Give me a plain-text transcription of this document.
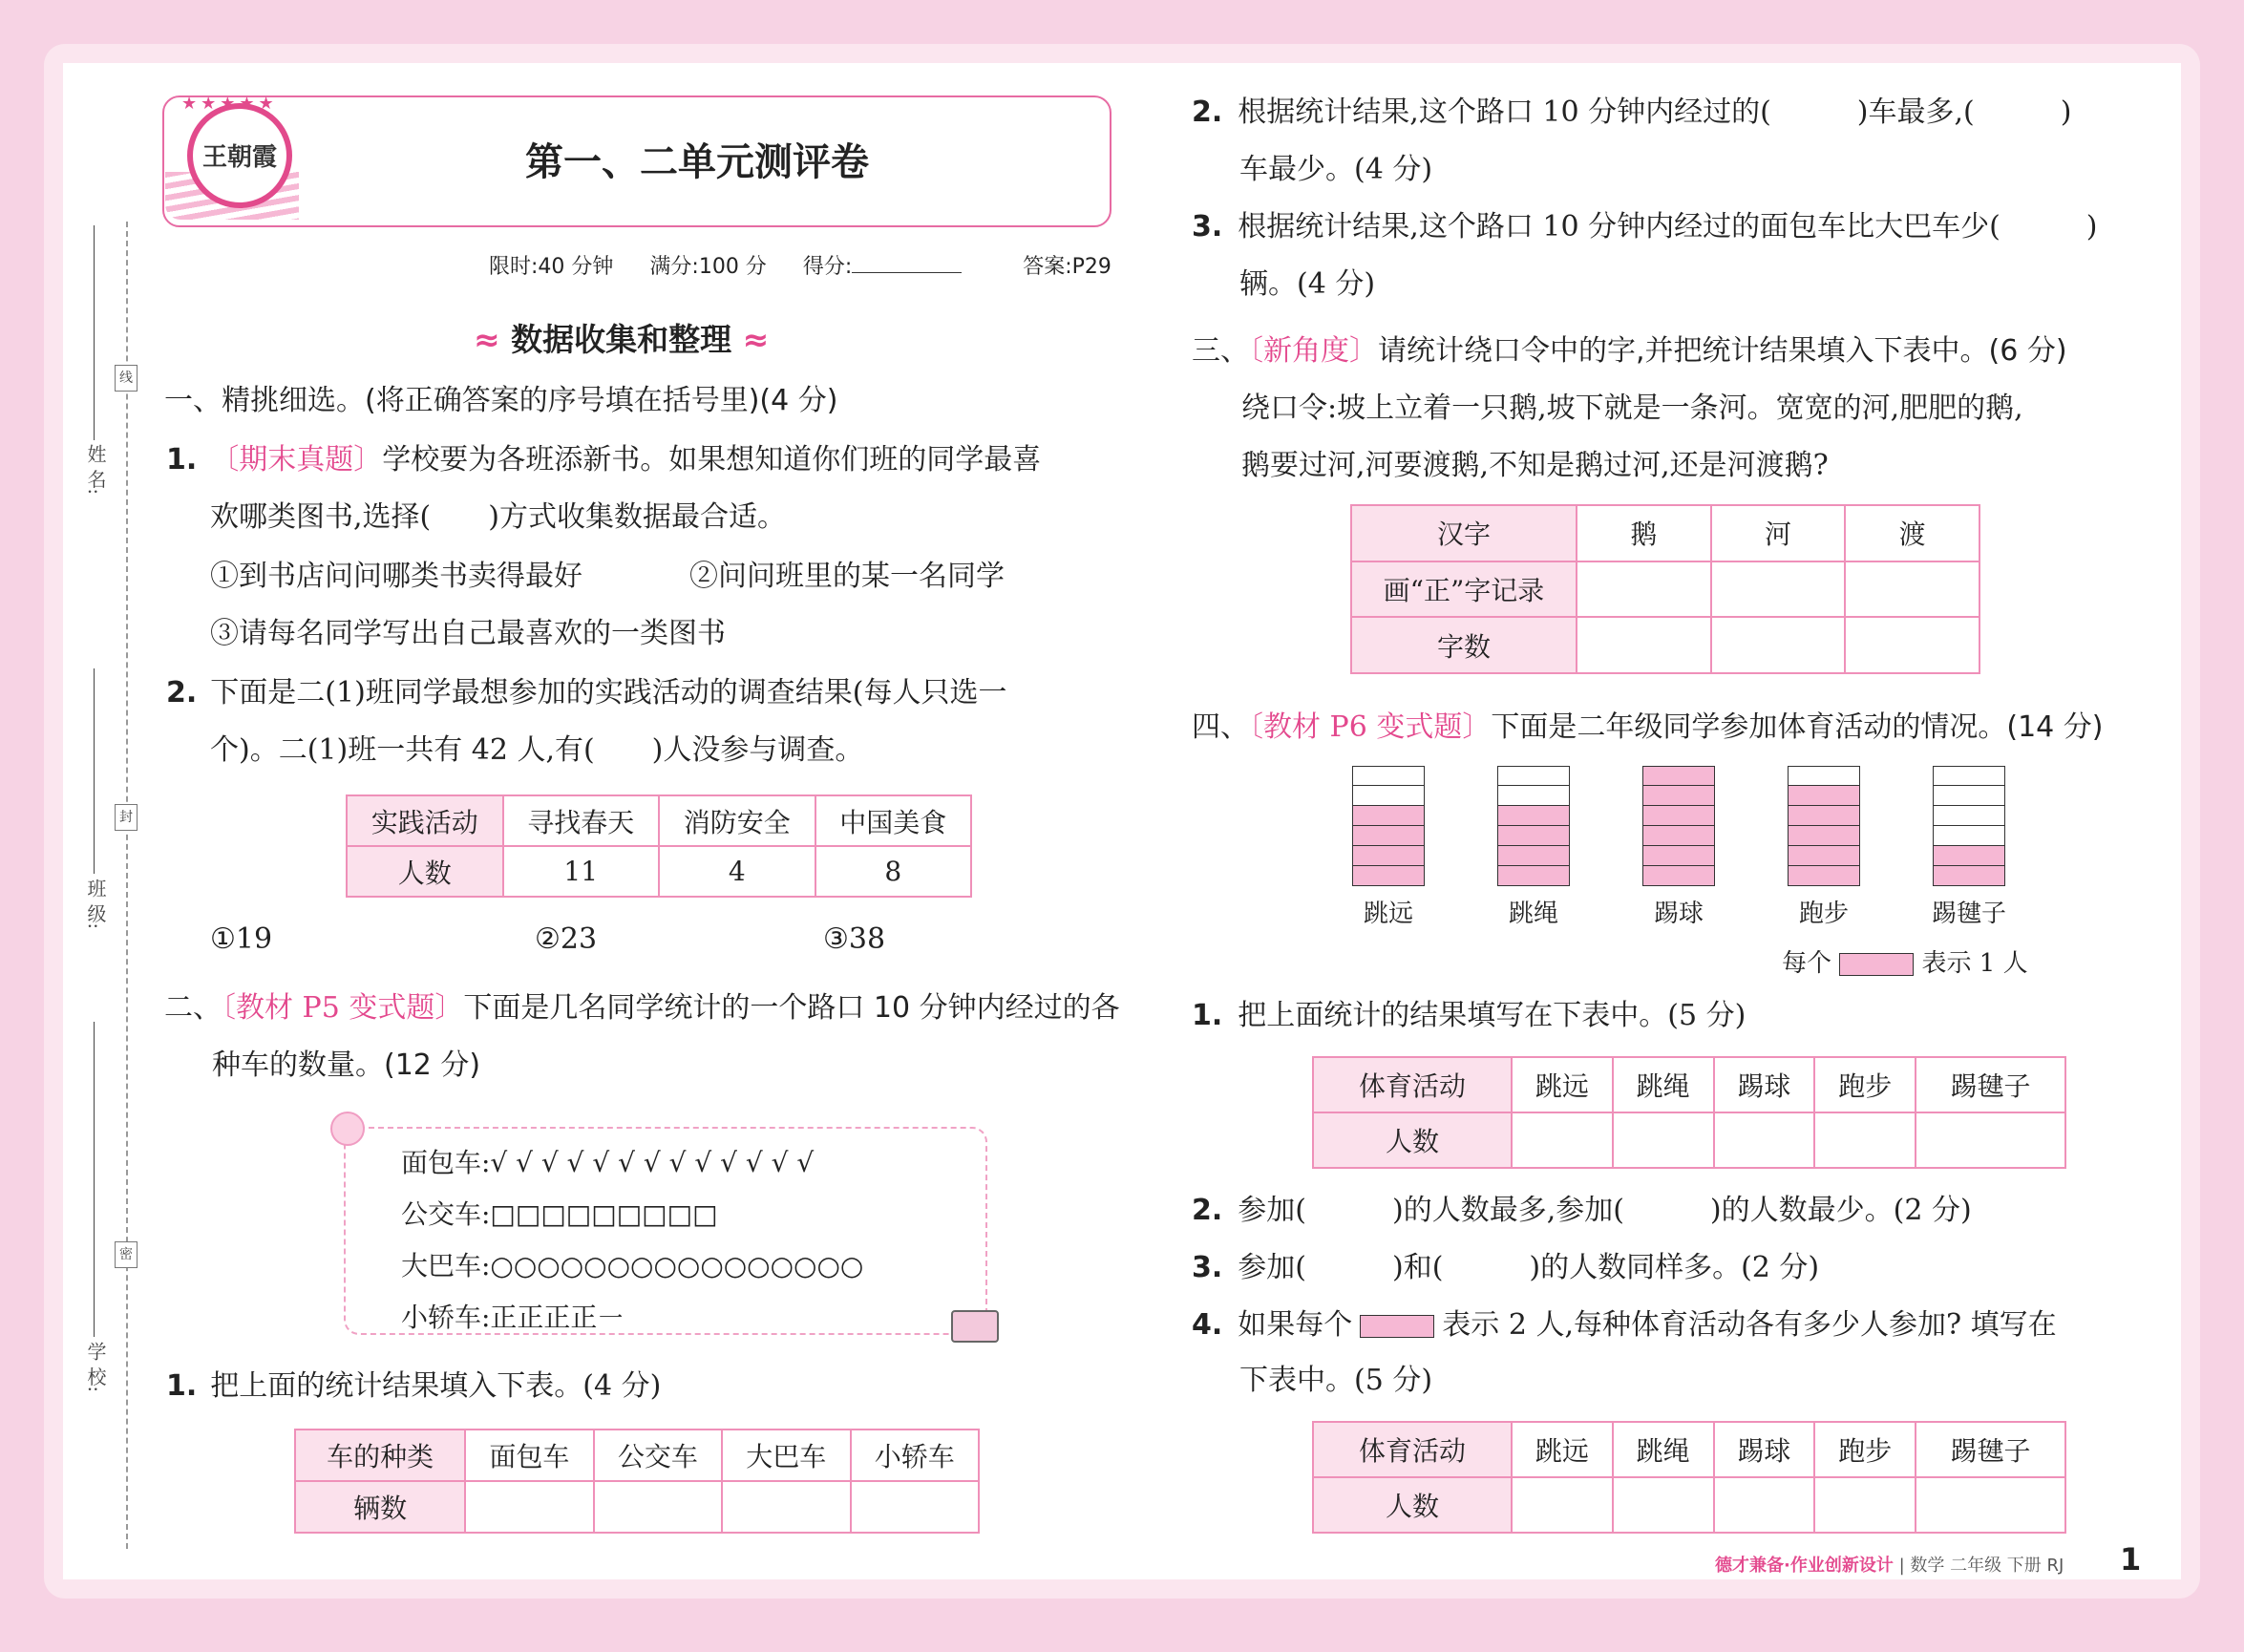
姓 名:
线
班 级:
封
学 校:
密
王朝霞
★★★★★
第一、二单元测评卷
限时:40 分钟 满分:100 分 得分:	答案:P29
≈ 数据收集和整理 ≈
一、精挑细选。(将正确答案的序号填在括号里)(4 分)
1. 〔期末真题〕学校要为各班添新书。如果想知道你们班的同学最喜
欢哪类图书,选择(　　)方式收集数据最合适。
①到书店问问哪类书卖得最好	②问问班里的某一名同学
③请每名同学写出自己最喜欢的一类图书
2. 下面是二(1)班同学最想参加的实践活动的调查结果(每人只选一
个)。二(1)班一共有 42 人,有(　　)人没参与调查。
实践活动	寻找春天	消防安全	中国美食
人数	11	4	8
①19	②23	③38
二、〔教材 P5 变式题〕下面是几名同学统计的一个路口 10 分钟内经过的各
种车的数量。(12 分)
面包车:√ √ √ √ √ √ √ √ √ √ √ √ √
公交车:□□□□□□□□□
大巴车:○○○○○○○○○○○○○○○○
小轿车:正正正正㇐
1. 把上面的统计结果填入下表。(4 分)
车的种类	面包车	公交车	大巴车	小轿车
辆数				
2. 根据统计结果,这个路口 10 分钟内经过的(　　　)车最多,(　　　)
车最少。(4 分)
3. 根据统计结果,这个路口 10 分钟内经过的面包车比大巴车少(　　　)
辆。(4 分)
三、〔新角度〕请统计绕口令中的字,并把统计结果填入下表中。(6 分)
绕口令:坡上立着一只鹅,坡下就是一条河。宽宽的河,肥肥的鹅,
鹅要过河,河要渡鹅,不知是鹅过河,还是河渡鹅?
汉字	鹅	河	渡
画“正”字记录			
字数			
四、〔教材 P6 变式题〕下面是二年级同学参加体育活动的情况。(14 分)
跳远	跳绳	踢球	跑步	踢毽子
每个	表示 1 人
1. 把上面统计的结果填写在下表中。(5 分)
体育活动	跳远	跳绳	踢球	跑步	踢毽子
人数					
2. 参加(　　　)的人数最多,参加(　　　)的人数最少。(2 分)
3. 参加(　　　)和(　　　)的人数同样多。(2 分)
4. 如果每个	表示 2 人,每种体育活动各有多少人参加? 填写在
下表中。(5 分)
体育活动	跳远	跳绳	踢球	跑步	踢毽子
人数					
德才兼备·作业创新设计 | 数学 二年级 下册 RJ 1
